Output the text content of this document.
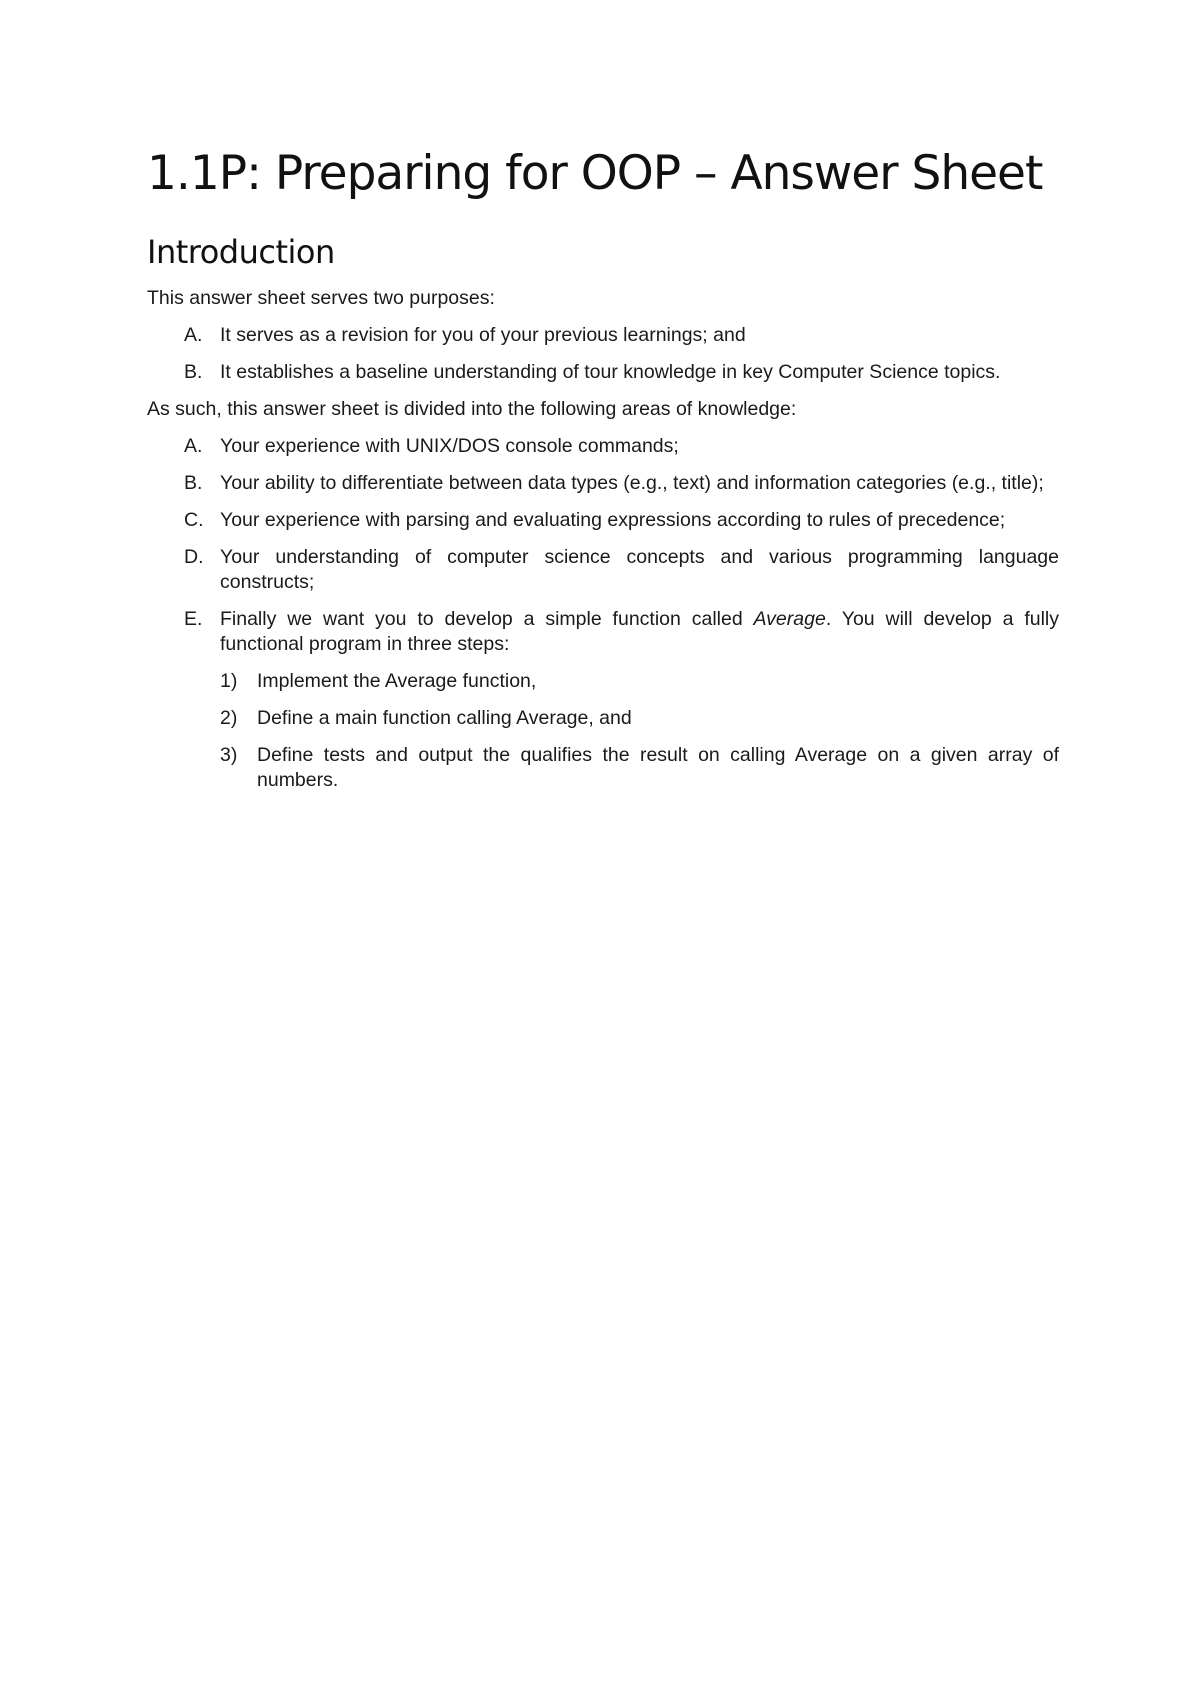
1.1P: Preparing for OOP – Answer Sheet
Introduction

This answer sheet serves two purposes:

A. It serves as a revision for you of your previous learnings; and
B. It establishes a baseline understanding of tour knowledge in key Computer Science topics.

As such, this answer sheet is divided into the following areas of knowledge:

A. Your experience with UNIX/DOS console commands;
B. Your ability to differentiate between data types (e.g., text) and information categories (e.g., title);
C. Your experience with parsing and evaluating expressions according to rules of precedence;
D. Your understanding of computer science concepts and various programming language constructs;
E. Finally we want you to develop a simple function called Average. You will develop a fully functional program in three steps:
1) Implement the Average function,
2) Define a main function calling Average, and
3) Define tests and output the qualifies the result on calling Average on a given array of numbers.
